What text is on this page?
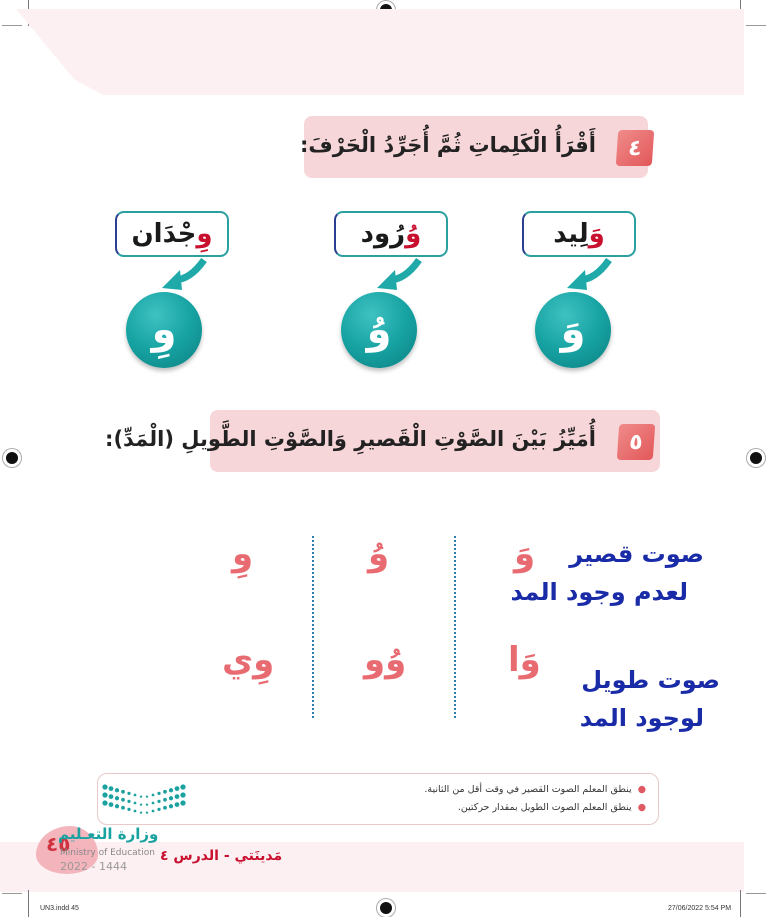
٤
أَقْرَأُ الْكَلِماتِ ثُمَّ أُجَرِّدُ الْحَرْفَ:
وَ
لِيد
وَ
وُ
رُود
وُ
وِ
جْدَان
وِ
٥
أُمَيِّزُ بَيْنَ الصَّوْتِ الْقَصيرِ وَالصَّوْتِ الطَّويلِ (الْمَدِّ):
صوت قصير
لعدم وجود المد
صوت طويل
لوجود المد
وَ
وُ
وِ
وَا
وُو
وِي
●ينطق المعلم الصوت القصير في وقت أقل من الثانية.
●ينطق المعلم الصوت الطويل بمقدار حركتين.
٤٥
وزارة التعـليم
Ministry of Education
2022 - 1444
مَدينَتي - الدرس ٤
UN3.indd 45	27/06/2022 5:54 PM
